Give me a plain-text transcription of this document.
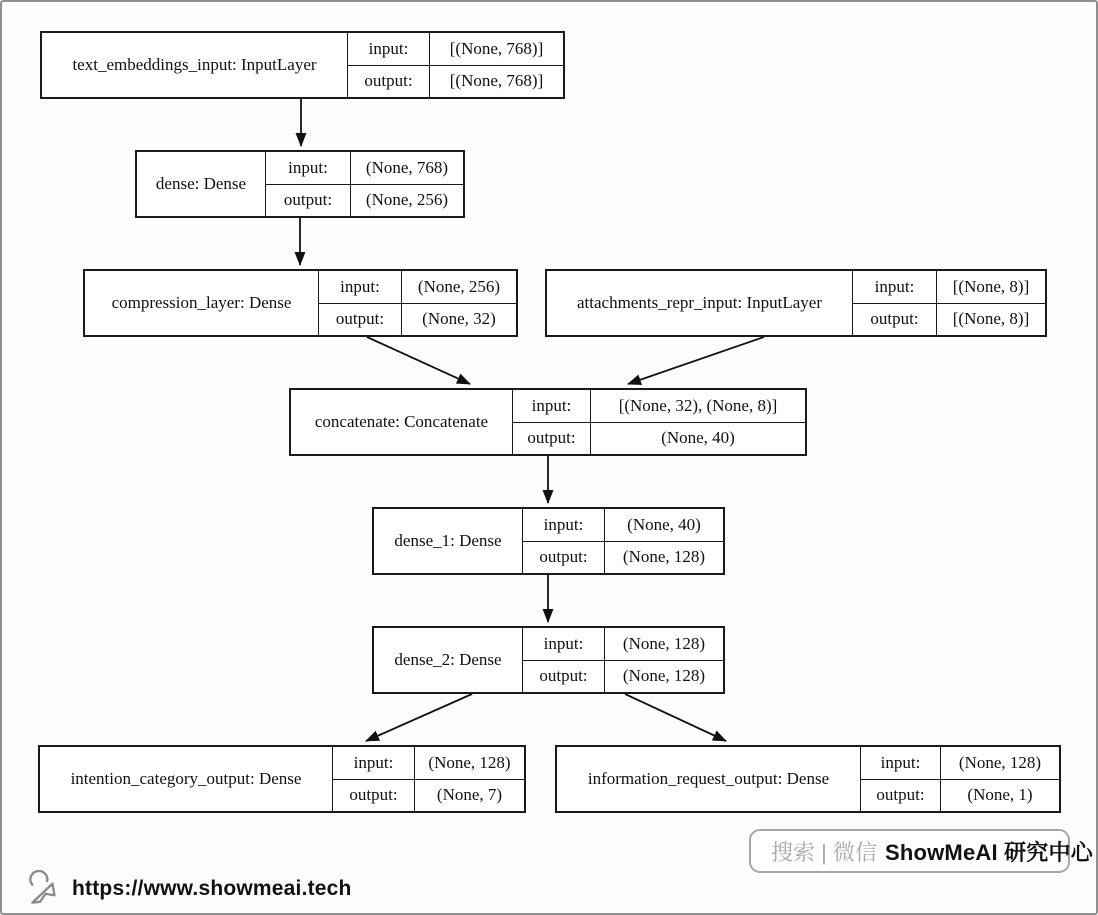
text_embeddings_input: InputLayer
input:	[(None, 768)]
output:	[(None, 768)]
dense: Dense
input:	(None, 768)
output:	(None, 256)
compression_layer: Dense
input:	(None, 256)
output:	(None, 32)
attachments_repr_input: InputLayer
input:	[(None, 8)]
output:	[(None, 8)]
concatenate: Concatenate
input:	[(None, 32), (None, 8)]
output:	(None, 40)
dense_1: Dense
input:	(None, 40)
output:	(None, 128)
dense_2: Dense
input:	(None, 128)
output:	(None, 128)
intention_category_output: Dense
input:	(None, 128)
output:	(None, 7)
information_request_output: Dense
input:	(None, 128)
output:	(None, 1)
搜索 | 微信 ShowMeAI 研究中心
https://www.showmeai.tech
